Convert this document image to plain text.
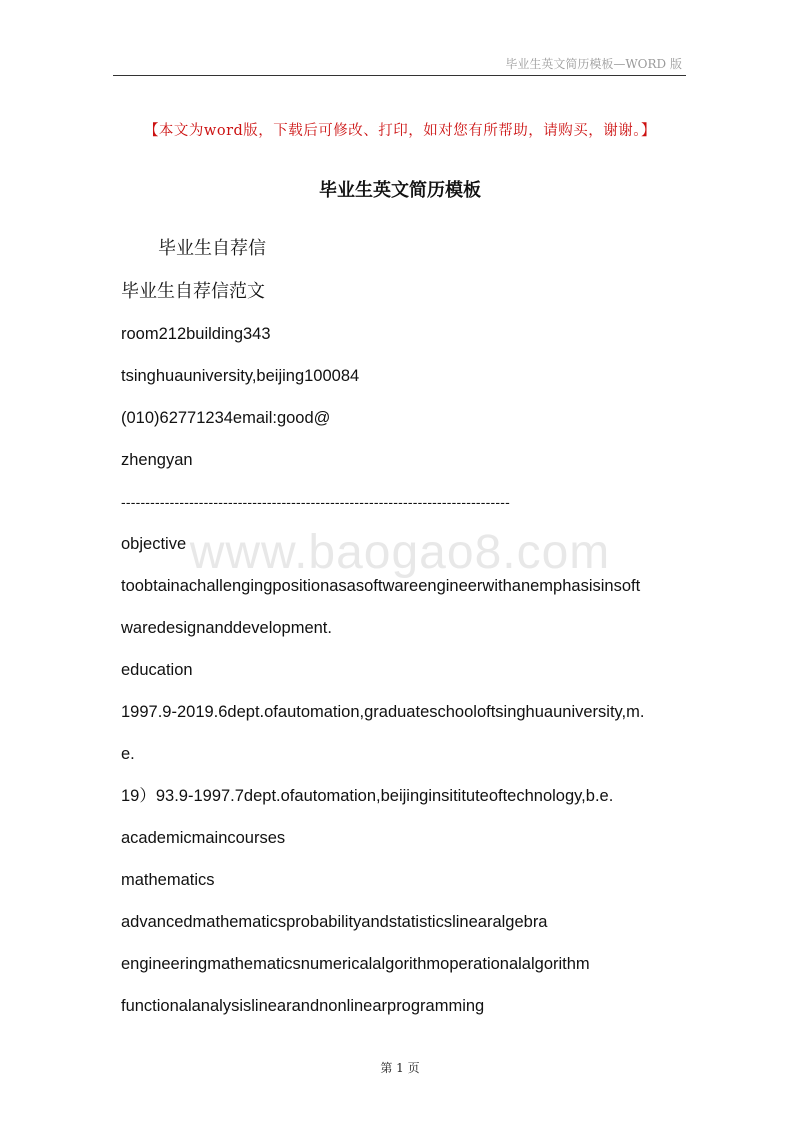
毕业生英文简历模板—WORD 版
【本文为word版，下载后可修改、打印，如对您有所帮助，请购买，谢谢。】
毕业生英文简历模板
毕业生自荐信
毕业生自荐信范文
room212building343
tsinghuauniversity,beijing100084
(010)62771234email:good@
zhengyan
--------------------------------------------------------------------------------
objective
toobtainachallengingpositionasasoftwareengineerwithanemphasisinsoft
waredesignanddevelopment.
education
1997.9-2019.6dept.ofautomation,graduateschooloftsinghuauniversity,m.
e.
19）93.9-1997.7dept.ofautomation,beijinginsitituteoftechnology,b.e.
academicmaincourses
mathematics
advancedmathematicsprobabilityandstatisticslinearalgebra
engineeringmathematicsnumericalalgorithmoperationalalgorithm
functionalanalysislinearandnonlinearprogramming
www.baogao8.com
第 1 页
